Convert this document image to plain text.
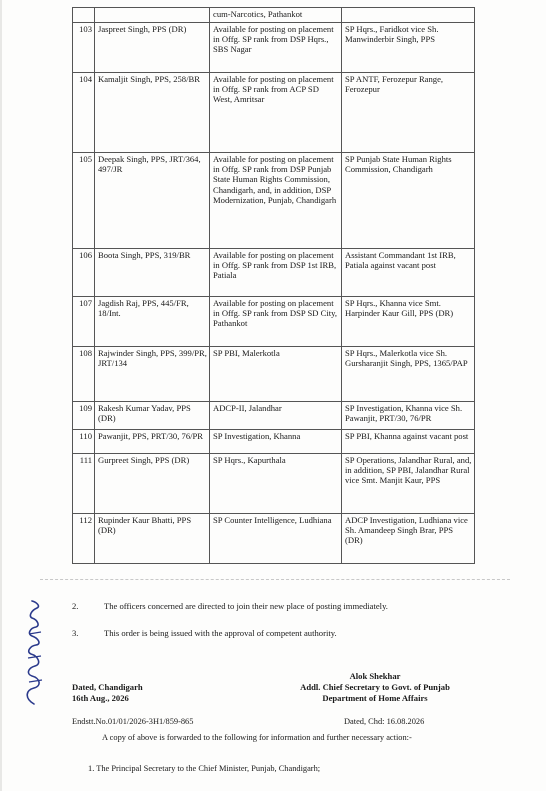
		cum-Narcotics, Pathankot	
103	Jaspreet Singh, PPS (DR)	Available for posting on placement in Offg. SP rank from DSP Hqrs., SBS Nagar	SP Hqrs., Faridkot vice Sh. Manwinderbir Singh, PPS
104	Kamaljit Singh, PPS, 258/BR	Available for posting on placement in Offg. SP rank from ACP SD West, Amritsar	SP ANTF, Ferozepur Range, Ferozepur
105	Deepak Singh, PPS, JRT/364, 497/JR	Available for posting on placement in Offg. SP rank from DSP Punjab State Human Rights Commission, Chandigarh, and, in addition, DSP Modernization, Punjab, Chandigarh	SP Punjab State Human Rights Commission, Chandigarh
106	Boota Singh, PPS, 319/BR	Available for posting on placement in Offg. SP rank from DSP 1st IRB, Patiala	Assistant Commandant 1st IRB, Patiala against vacant post
107	Jagdish Raj, PPS, 445/FR, 18/Int.	Available for posting on placement in Offg. SP rank from DSP SD City, Pathankot	SP Hqrs., Khanna vice Smt. Harpinder Kaur Gill, PPS (DR)
108	Rajwinder Singh, PPS, 399/PR, JRT/134	SP PBI, Malerkotla	SP Hqrs., Malerkotla vice Sh. Gursharanjit Singh, PPS, 1365/PAP
109	Rakesh Kumar Yadav, PPS (DR)	ADCP-II, Jalandhar	SP Investigation, Khanna vice Sh. Pawanjit, PRT/30, 76/PR
110	Pawanjit, PPS, PRT/30, 76/PR	SP Investigation, Khanna	SP PBI, Khanna against vacant post
111	Gurpreet Singh, PPS (DR)	SP Hqrs., Kapurthala	SP Operations, Jalandhar Rural, and, in addition, SP PBI, Jalandhar Rural vice Smt. Manjit Kaur, PPS
112	Rupinder Kaur Bhatti, PPS (DR)	SP Counter Intelligence, Ludhiana	ADCP Investigation, Ludhiana vice Sh. Amandeep Singh Brar, PPS (DR)
2.	The officers concerned are directed to join their new place of posting immediately.
3.	This order is being issued with the approval of competent authority.
Alok Shekhar
Addl. Chief Secretary to Govt. of Punjab
Department of Home Affairs
Dated, Chandigarh
16th Aug., 2026
Endstt.No.01/01/2026-3H1/859-865	Dated, Chd: 16.08.2026
A copy of above is forwarded to the following for information and further necessary action:-
1. The Principal Secretary to the Chief Minister, Punjab, Chandigarh;
